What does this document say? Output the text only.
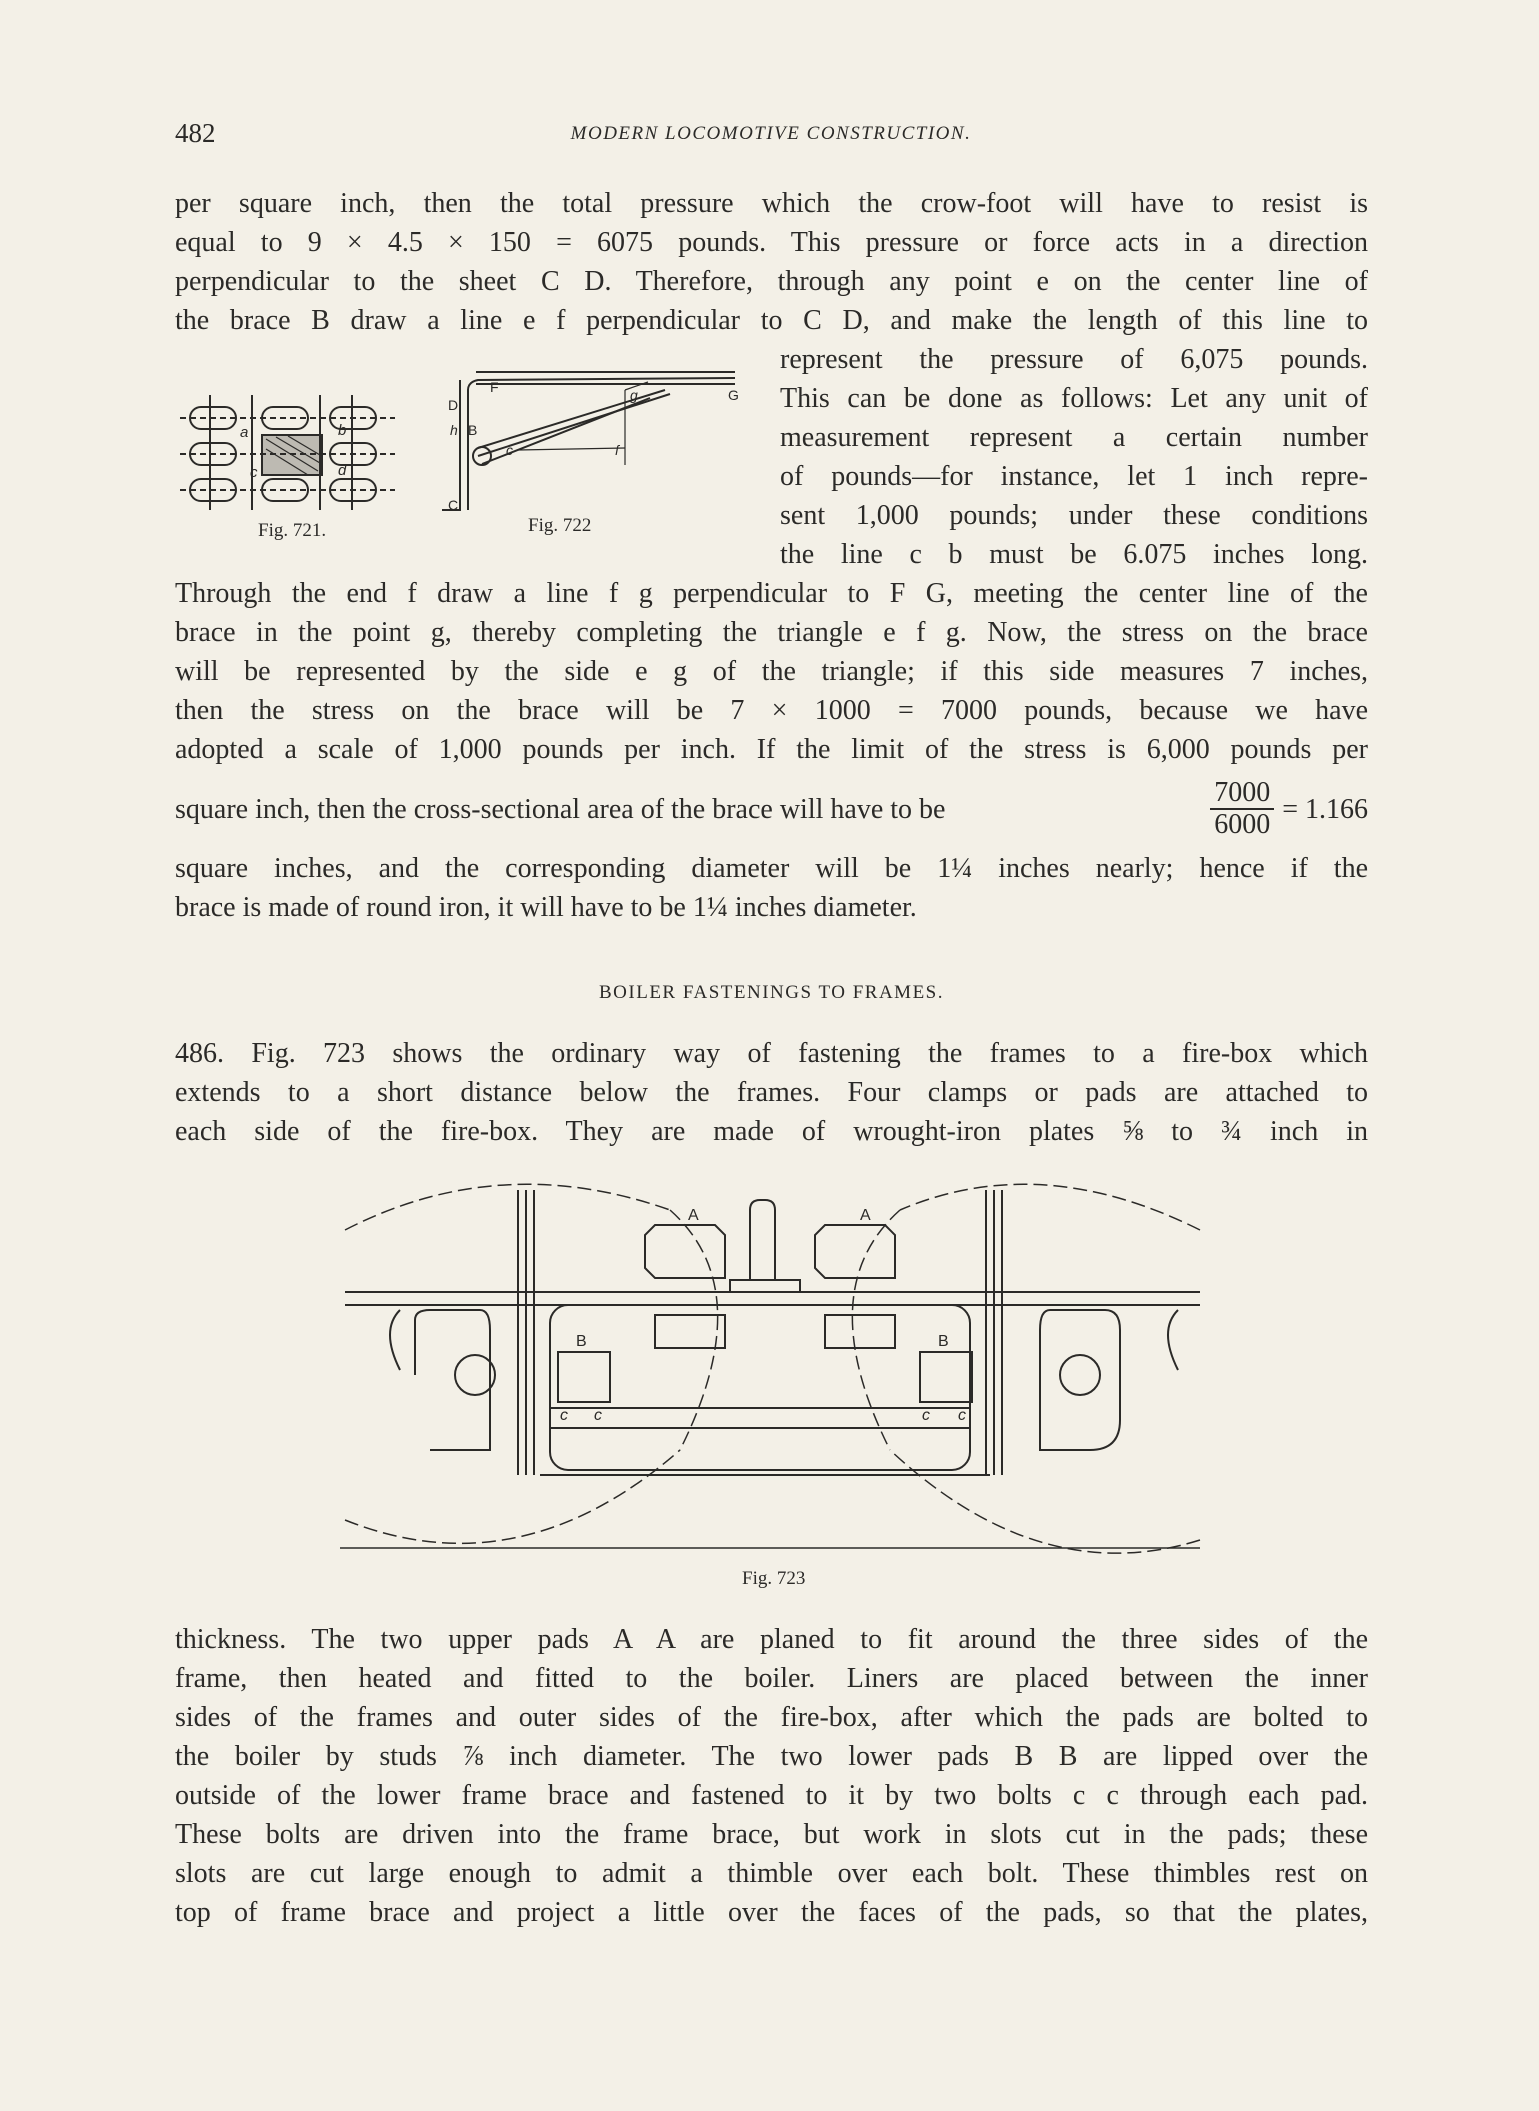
482	MODERN LOCOMOTIVE CONSTRUCTION.
per square inch, then the total pressure which the crow-foot will have to resist is
equal to 9 × 4.5 × 150 = 6075 pounds. This pressure or force acts in a direction
perpendicular to the sheet C D. Therefore, through any point e on the center line of
the brace B draw a line e f perpendicular to C D, and make the length of this line to
represent the pressure of 6,075 pounds.
This can be done as follows: Let any unit of
measurement represent a certain number
of pounds—for instance, let 1 inch repre-
sent 1,000 pounds; under these conditions
the line c b must be 6.075 inches long.
a	b
c	d
Fig. 721.
F	G
D
h B
c
g
f
C
Fig. 722
Through the end f draw a line f g perpendicular to F G, meeting the center line of the
brace in the point g, thereby completing the triangle e f g. Now, the stress on the brace
will be represented by the side e g of the triangle; if this side measures 7 inches,
then the stress on the brace will be 7 × 1000 = 7000 pounds, because we have
adopted a scale of 1,000 pounds per inch. If the limit of the stress is 6,000 pounds per
square inch, then the cross-sectional area of the brace will have to be	$\frac{7000}{6000} = 1.166$
square inches, and the corresponding diameter will be 1¼ inches nearly; hence if the
brace is made of round iron, it will have to be 1¼ inches diameter.
BOILER FASTENINGS TO FRAMES.
486. Fig. 723 shows the ordinary way of fastening the frames to a fire-box which
extends to a short distance below the frames. Four clamps or pads are attached to
each side of the fire-box. They are made of wrought-iron plates ⅝ to ¾ inch in
A	A
B	B
c c	c c
Fig. 723
thickness. The two upper pads A A are planed to fit around the three sides of the
frame, then heated and fitted to the boiler. Liners are placed between the inner
sides of the frames and outer sides of the fire-box, after which the pads are bolted to
the boiler by studs ⅞ inch diameter. The two lower pads B B are lipped over the
outside of the lower frame brace and fastened to it by two bolts c c through each pad.
These bolts are driven into the frame brace, but work in slots cut in the pads; these
slots are cut large enough to admit a thimble over each bolt. These thimbles rest on
top of frame brace and project a little over the faces of the pads, so that the plates,
